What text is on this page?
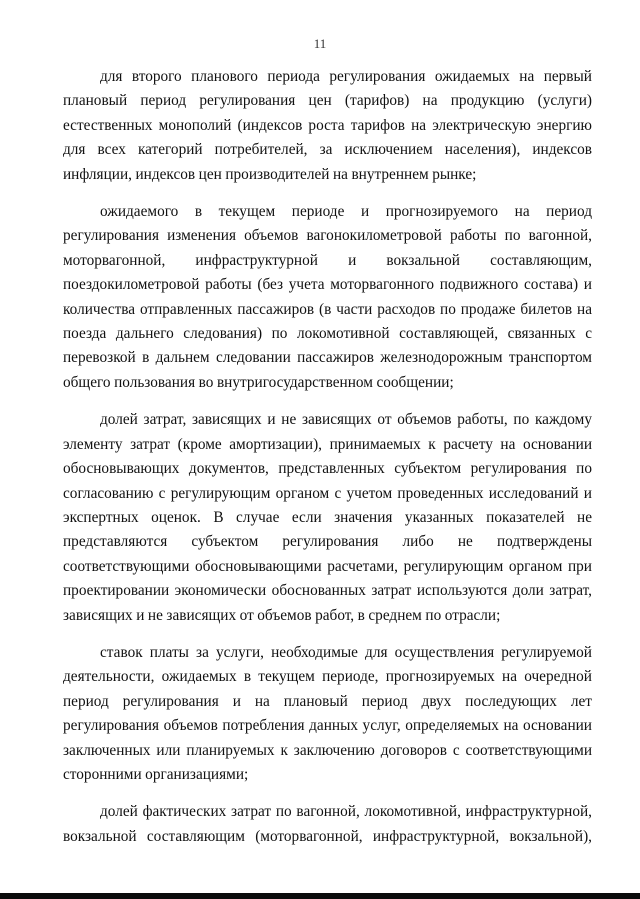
11

для второго планового периода регулирования ожидаемых на первый плановый период регулирования цен (тарифов) на продукцию (услуги) естественных монополий (индексов роста тарифов на электрическую энергию для всех категорий потребителей, за исключением населения), индексов инфляции, индексов цен производителей на внутреннем рынке;

ожидаемого в текущем периоде и прогнозируемого на период регулирования изменения объемов вагонокилометровой работы по вагонной, моторвагонной, инфраструктурной и вокзальной составляющим, поездокилометровой работы (без учета моторвагонного подвижного состава) и количества отправленных пассажиров (в части расходов по продаже билетов на поезда дальнего следования) по локомотивной составляющей, связанных с перевозкой в дальнем следовании пассажиров железнодорожным транспортом общего пользования во внутригосударственном сообщении;

долей затрат, зависящих и не зависящих от объемов работы, по каждому элементу затрат (кроме амортизации), принимаемых к расчету на основании обосновывающих документов, представленных субъектом регулирования по согласованию с регулирующим органом с учетом проведенных исследований и экспертных оценок. В случае если значения указанных показателей не представляются субъектом регулирования либо не подтверждены соответствующими обосновывающими расчетами, регулирующим органом при проектировании экономически обоснованных затрат используются доли затрат, зависящих и не зависящих от объемов работ, в среднем по отрасли;

ставок платы за услуги, необходимые для осуществления регулируемой деятельности, ожидаемых в текущем периоде, прогнозируемых на очередной период регулирования и на плановый период двух последующих лет регулирования объемов потребления данных услуг, определяемых на основании заключенных или планируемых к заключению договоров с соответствующими сторонними организациями;

долей фактических затрат по вагонной, локомотивной, инфраструктурной, вокзальной составляющим (моторвагонной, инфраструктурной, вокзальной),
